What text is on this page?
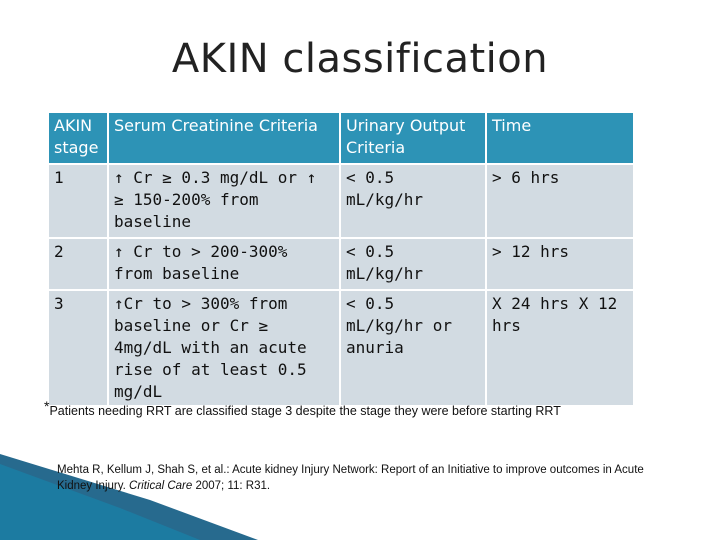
AKIN classification
AKIN stage	Serum Creatinine Criteria	Urinary Output Criteria	Time
1	↑ Cr ≥ 0.3 mg/dL or ↑ ≥ 150-200% from baseline	< 0.5 mL/kg/hr	> 6 hrs
2	↑ Cr to > 200-300% from baseline	< 0.5 mL/kg/hr	> 12 hrs
3	↑Cr to > 300% from baseline or Cr ≥ 4mg/dL with an acute rise of at least 0.5 mg/dL	< 0.5 mL/kg/hr or anuria	X 24 hrs X 12 hrs
*Patients needing RRT are classified stage 3 despite the stage they were before starting RRT
Mehta R, Kellum J, Shah S, et al.: Acute kidney Injury Network: Report of an Initiative to improve outcomes in Acute Kidney Injury. Critical Care 2007; 11: R31.
